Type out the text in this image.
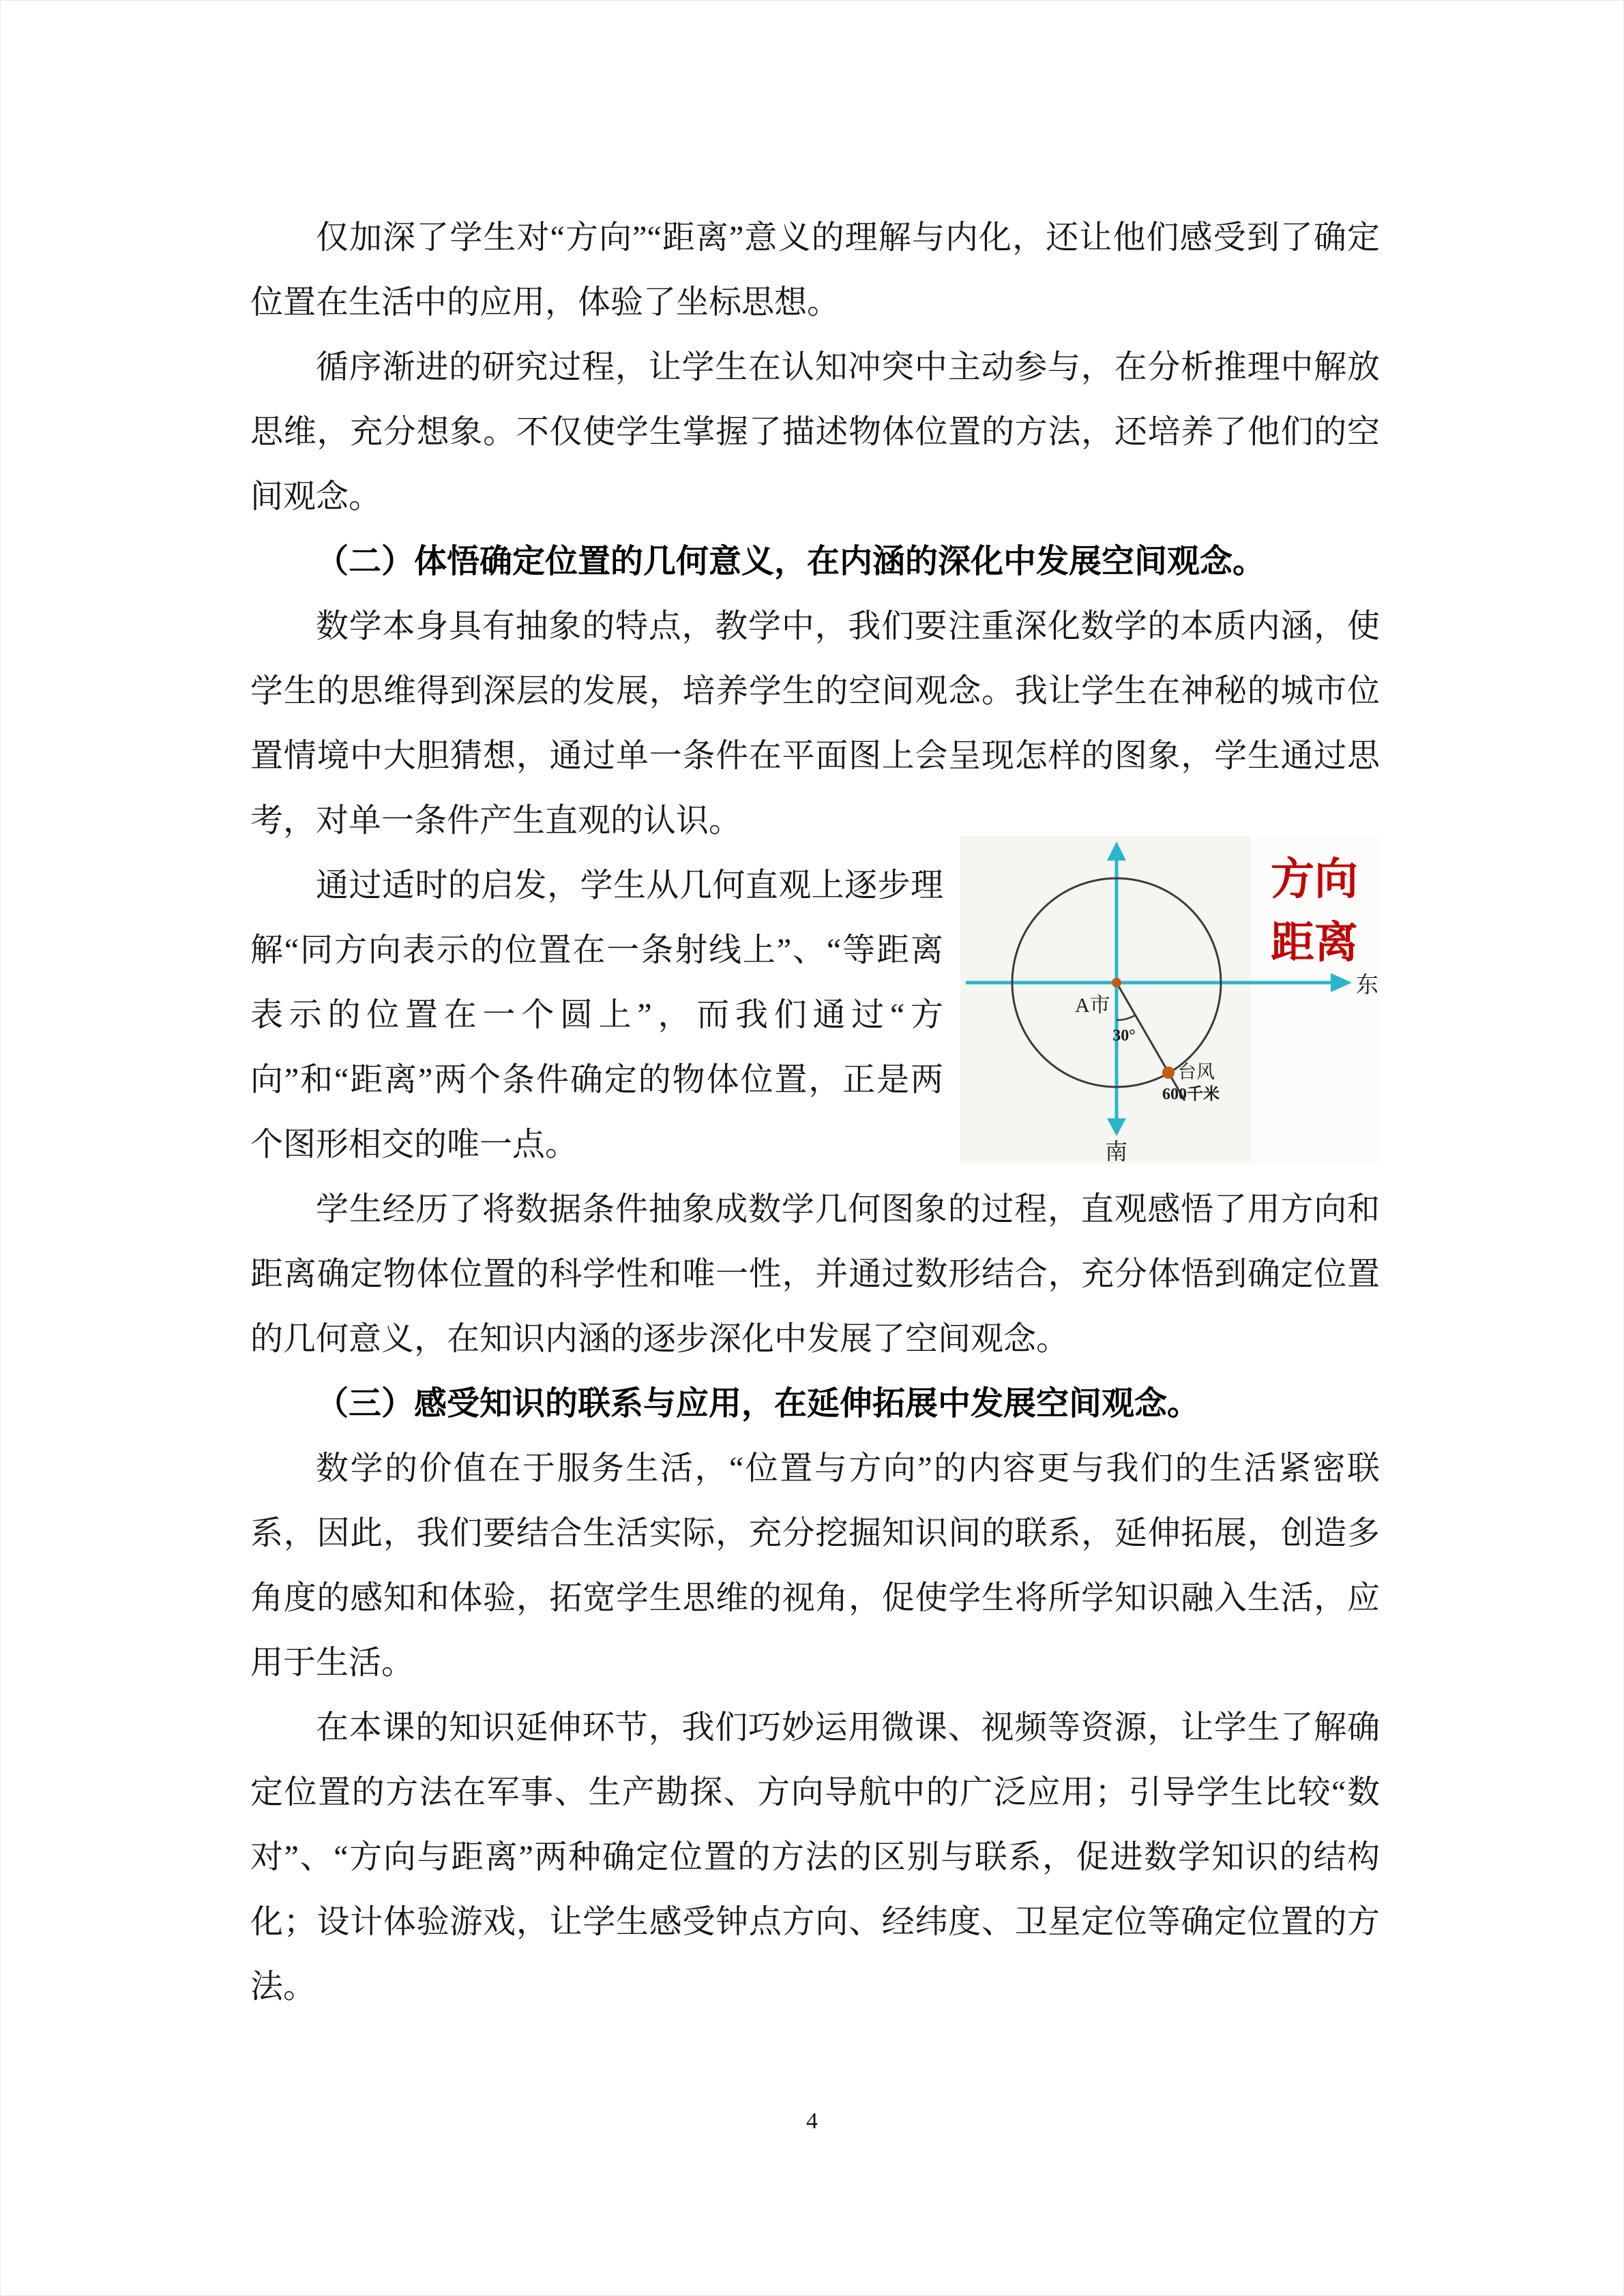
仅加深了学生对“方向”“距离”意义的理解与内化，还让他们感受到了确定位置在生活中的应用，体验了坐标思想。

循序渐进的研究过程，让学生在认知冲突中主动参与，在分析推理中解放思维，充分想象。不仅使学生掌握了描述物体位置的方法，还培养了他们的空间观念。

（二）体悟确定位置的几何意义，在内涵的深化中发展空间观念。

数学本身具有抽象的特点，教学中，我们要注重深化数学的本质内涵，使学生的思维得到深层的发展，培养学生的空间观念。我让学生在神秘的城市位置情境中大胆猜想，通过单一条件在平面图上会呈现怎样的图象，学生通过思考，对单一条件产生直观的认识。

A市
30°
台风
600千米
东
南
方向
距离

通过适时的启发，学生从几何直观上逐步理解“同方向表示的位置在一条射线上”、“等距离表示的位置在一个圆上”，而我们通过“方向”和“距离”两个条件确定的物体位置，正是两个图形相交的唯一点。

学生经历了将数据条件抽象成数学几何图象的过程，直观感悟了用方向和距离确定物体位置的科学性和唯一性，并通过数形结合，充分体悟到确定位置的几何意义，在知识内涵的逐步深化中发展了空间观念。

（三）感受知识的联系与应用，在延伸拓展中发展空间观念。

数学的价值在于服务生活，“位置与方向”的内容更与我们的生活紧密联系，因此，我们要结合生活实际，充分挖掘知识间的联系，延伸拓展，创造多角度的感知和体验，拓宽学生思维的视角，促使学生将所学知识融入生活，应用于生活。

在本课的知识延伸环节，我们巧妙运用微课、视频等资源，让学生了解确定位置的方法在军事、生产勘探、方向导航中的广泛应用；引导学生比较“数对”、“方向与距离”两种确定位置的方法的区别与联系，促进数学知识的结构化；设计体验游戏，让学生感受钟点方向、经纬度、卫星定位等确定位置的方法。

4
